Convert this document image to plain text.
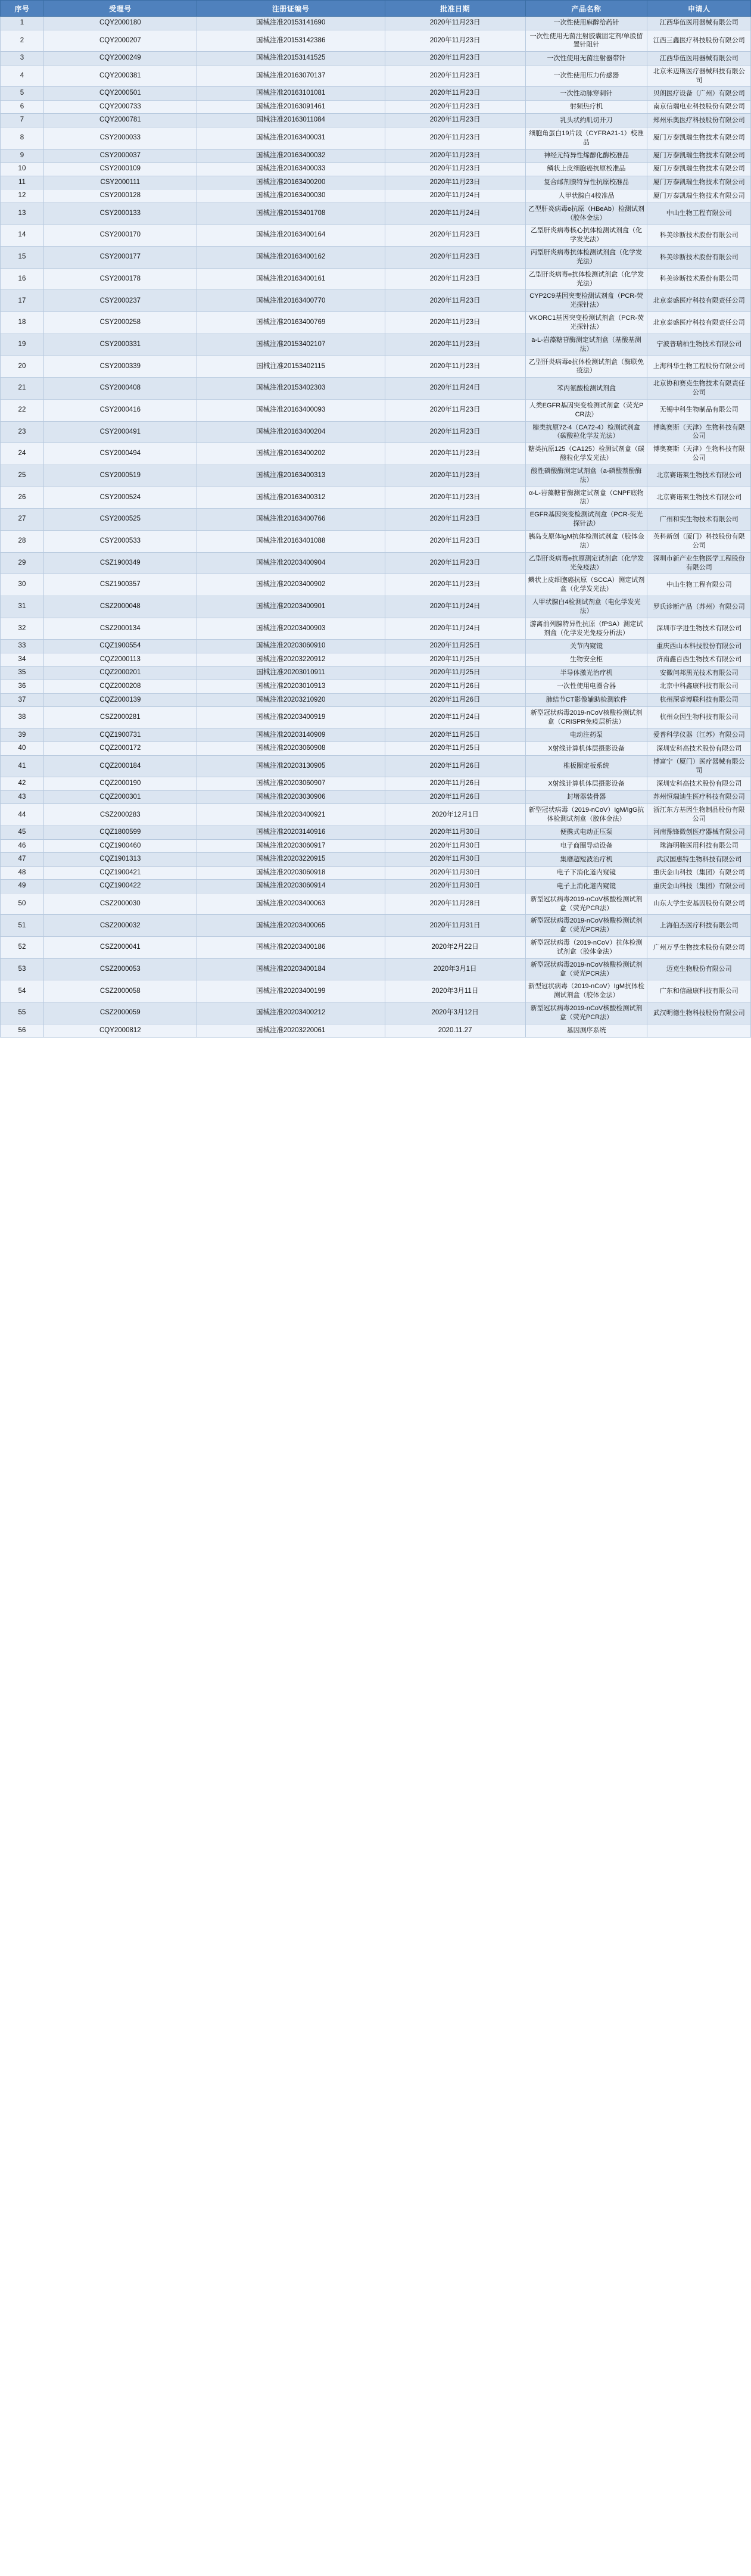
序号	受理号	注册证编号	批准日期	产品名称	申请人
1	CQY2000180	国械注准20153141690	2020年11月23日	一次性使用麻醉给药针	江西华伍医用器械有限公司
2	CQY2000207	国械注准20153142386	2020年11月23日	一次性使用无菌注射胶囊固定剂/单股留置针阻针	江西三鑫医疗科技股份有限公司
3	CQY2000249	国械注准20153141525	2020年11月23日	一次性使用无菌注射器带针	江西华伍医用器械有限公司
4	CQY2000381	国械注准20163070137	2020年11月23日	一次性使用压力传感器	北京米迈斯医疗器械科技有限公司
5	CQY2000501	国械注准20163101081	2020年11月23日	一次性动脉穿刺针	贝朗医疗设备（广州）有限公司
6	CQY2000733	国械注准20163091461	2020年11月23日	射频热疗机	南京信瑞电业科技股份有限公司
7	CQY2000781	国械注准20163011084	2020年11月23日	乳头状约肌切开刀	郑州乐奥医疗科技股份有限公司
8	CSY2000033	国械注准20163400031	2020年11月23日	细胞角蛋白19片段（CYFRA21-1）校准品	厦门万泰凯瑞生物技术有限公司
9	CSY2000037	国械注准20163400032	2020年11月23日	神经元特异性烯醇化酶校准品	厦门万泰凯瑞生物技术有限公司
10	CSY2000109	国械注准20163400033	2020年11月23日	鳞状上皮细胞癌抗原校准品	厦门万泰凯瑞生物技术有限公司
11	CSY2000111	国械注准20163400200	2020年11月23日	复合邮剂膜特异性抗原校准品	厦门万泰凯瑞生物技术有限公司
12	CSY2000128	国械注准20163400030	2020年11月24日	人甲状腺白4校准品	厦门万泰凯瑞生物技术有限公司
13	CSY2000133	国械注准20153401708	2020年11月24日	乙型肝炎病毒e抗原（HBeAb）检测试剂（胶体金法）	中山生物工程有限公司
14	CSY2000170	国械注准20163400164	2020年11月23日	乙型肝炎病毒核心抗体检测试剂盒（化学发光法）	科美诊断技术股份有限公司
15	CSY2000177	国械注准20163400162	2020年11月23日	丙型肝炎病毒抗体检测试剂盒（化学发光法）	科美诊断技术股份有限公司
16	CSY2000178	国械注准20163400161	2020年11月23日	乙型肝炎病毒e抗体检测试剂盒（化学发光法）	科美诊断技术股份有限公司
17	CSY2000237	国械注准20163400770	2020年11月23日	CYP2C9基因突变检测试剂盒（PCR-荧光探针法）	北京泰盛医疗科技有限责任公司
18	CSY2000258	国械注准20163400769	2020年11月23日	VKORC1基因突变检测试剂盒（PCR-荧光探针法）	北京泰盛医疗科技有限责任公司
19	CSY2000331	国械注准20153402107	2020年11月23日	a-L-岩藻糖苷酶测定试剂盒（基酸基测法）	宁波普瑞柏生物技术有限公司
20	CSY2000339	国械注准20153402115	2020年11月23日	乙型肝炎病毒e抗体检测试剂盒（酶联免疫法）	上海科华生物工程股份有限公司
21	CSY2000408	国械注准20153402303	2020年11月24日	苯丙氨酸检测试剂盒	北京协和赛克生物技术有限责任公司
22	CSY2000416	国械注准20163400093	2020年11月23日	人类EGFR基因突变检测试剂盒（荧光PCR法）	无锡中科生物制品有限公司
23	CSY2000491	国械注准20163400204	2020年11月23日	糖类抗原72-4（CA72-4）检测试剂盒（碳酸粒化学发光法）	博奥赛斯（天津）生物科技有限公司
24	CSY2000494	国械注准20163400202	2020年11月23日	糖类抗原125（CA125）检测试剂盒（碳酸粒化学发光法）	博奥赛斯（天津）生物科技有限公司
25	CSY2000519	国械注准20163400313	2020年11月23日	酸性磷酸酶测定试剂盒（a-磷酸萘酚酶法）	北京赛诺莱生物技术有限公司
26	CSY2000524	国械注准20163400312	2020年11月23日	α-L-岩藻糖苷酶测定试剂盒（CNPF底物法）	北京赛诺莱生物技术有限公司
27	CSY2000525	国械注准20163400766	2020年11月23日	EGFR基因突变检测试剂盒（PCR-荧光探针法）	广州和实生物技术有限公司
28	CSY2000533	国械注准20163401088	2020年11月23日	胰岛支原体IgM抗体检测试剂盒（胶体金法）	英科新创（厦门）科技股份有限公司
29	CSZ1900349	国械注准20203400904	2020年11月23日	乙型肝炎病毒e抗原测定试剂盒（化学发光免疫法）	深圳市新产业生物医学工程股份有限公司
30	CSZ1900357	国械注准20203400902	2020年11月23日	鳞状上皮细胞癌抗原（SCCA）测定试剂盒（化学发光法）	中山生物工程有限公司
31	CSZ2000048	国械注准20203400901	2020年11月24日	人甲状腺白4检测试剂盒（电化学发光法）	罗氏诊断产品（苏州）有限公司
32	CSZ2000134	国械注准20203400903	2020年11月24日	游离前列腺特异性抗原（fPSA）测定试剂盒（化学发光免疫分析法）	深圳市学进生物技术有限公司
33	CQZ1900554	国械注准20203060910	2020年11月25日	关节内窥镜	重庆西山本科技股份有限公司
34	CQZ2000113	国械注准20203220912	2020年11月25日	生物安全柜	济南鑫百西生物技术有限公司
35	CQZ2000201	国械注准20203010911	2020年11月25日	半导体激光治疗机	安徽问邦黑光技术有限公司
36	CQZ2000208	国械注准20203010913	2020年11月26日	一次性使用电圈合器	北京中科鑫康科技有限公司
37	CQZ2000139	国械注准20203210920	2020年11月26日	肺结节CT影像辅助检测软件	杭州深睿博联科技有限公司
38	CSZ2000281	国械注准20203400919	2020年11月24日	新型冠状病毒2019-nCoV核酸检测试剂盒（CRISPR免疫层析法）	杭州众因生物科技有限公司
39	CQZ1900731	国械注准20203140909	2020年11月25日	电动注药泵	爱普科学仪器（江苏）有限公司
40	CQZ2000172	国械注准20203060908	2020年11月25日	X射线计算机体层摄影设备	深圳安科高技术股份有限公司
41	CQZ2000184	国械注准20203130905	2020年11月26日	椎板圈定板系统	博富宁（厦门）医疗器械有限公司
42	CQZ2000190	国械注准20203060907	2020年11月26日	X射线计算机体层摄影设备	深圳安科高技术股份有限公司
43	CQZ2000301	国械注准20203030906	2020年11月26日	封堵器装骨器	苏州恒瑞迪生医疗科技有限公司
44	CSZ2000283	国械注准20203400921	2020年12月1日	新型冠状病毒（2019-nCoV）IgM/IgG抗体检测试剂盒（胶体金法）	浙江东方基因生物制品股份有限公司
45	CQZ1800599	国械注准20203140916	2020年11月30日	便携式电动正压泵	河南豫锋微创医疗器械有限公司
46	CQZ1900460	国械注准20203060917	2020年11月30日	电子商圈导动设备	珠海明骏医用科技有限公司
47	CQZ1901313	国械注准20203220915	2020年11月30日	集磨超短波治疗机	武汉国惠特生物科技有限公司
48	CQZ1900421	国械注准20203060918	2020年11月30日	电子下消化道内窥镜	重庆金山科技（集团）有限公司
49	CQZ1900422	国械注准20203060914	2020年11月30日	电子上消化道内窥镜	重庆金山科技（集团）有限公司
50	CSZ2000030	国械注准20203400063	2020年11月28日	新型冠状病毒2019-nCoV核酸检测试剂盒（荧光PCR法）	山东大学生安基因股份有限公司
51	CSZ2000032	国械注准20203400065	2020年11月31日	新型冠状病毒2019-nCoV核酸检测试剂盒（荧光PCR法）	上海伯杰医疗科技有限公司
52	CSZ2000041	国械注准20203400186	2020年2月22日	新型冠状病毒（2019-nCoV）抗体检测试剂盒（胶体金法）	广州万孚生物技术股份有限公司
53	CSZ2000053	国械注准20203400184	2020年3月1日	新型冠状病毒2019-nCoV核酸检测试剂盒（荧光PCR法）	迈克生物股份有限公司
54	CSZ2000058	国械注准20203400199	2020年3月11日	新型冠状病毒（2019-nCoV）IgM抗体检测试剂盒（胶体金法）	广东和信融康科技有限公司
55	CSZ2000059	国械注准20203400212	2020年3月12日	新型冠状病毒2019-nCoV核酸检测试剂盒（荧光PCR法）	武汉明德生物科技股份有限公司
56	CQY2000812	国械注准20203220061	2020.11.27	基因测序系统	
